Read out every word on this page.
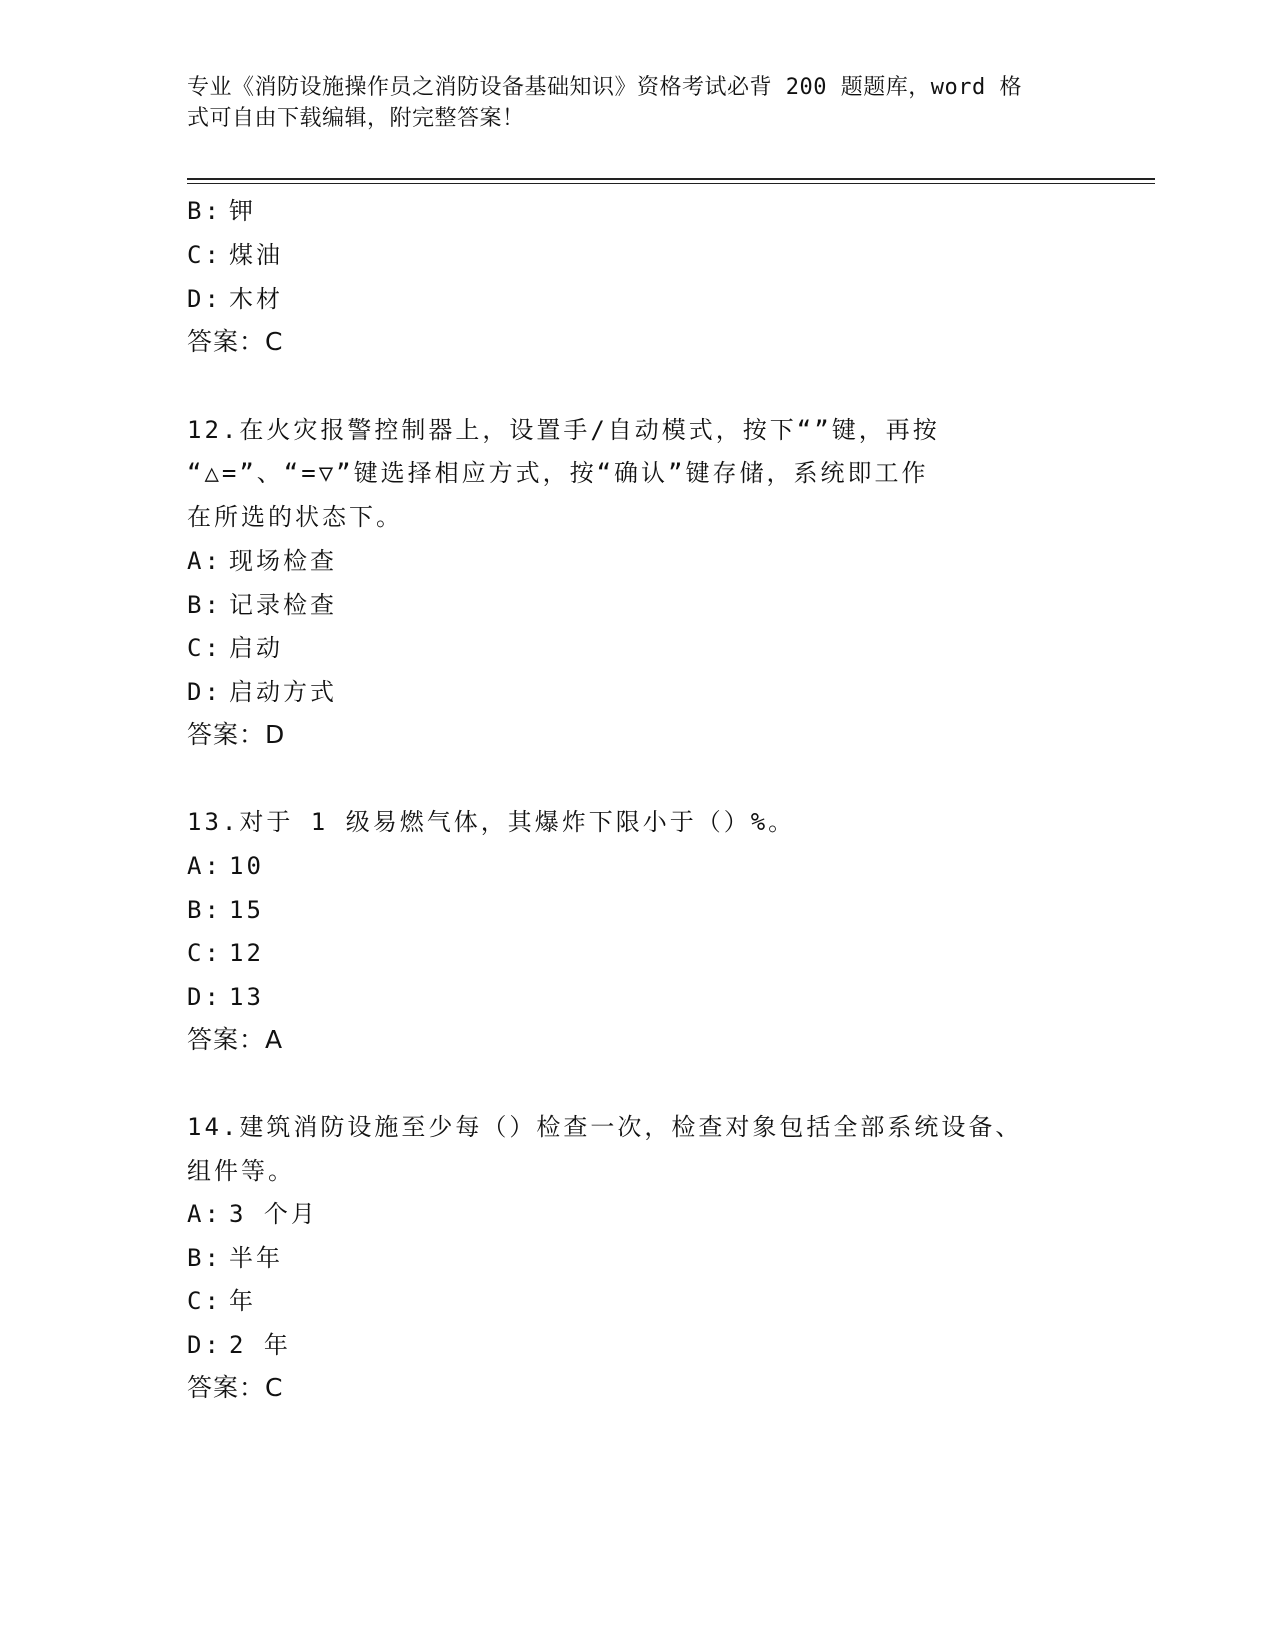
专业《消防设施操作员之消防设备基础知识》资格考试必背 200 题题库，word 格
式可自由下载编辑，附完整答案！
B: 钾
C: 煤油
D: 木材
答案：C
12.在火灾报警控制器上，设置手/自动模式，按下“”键，再按
“△=”、“=▽”键选择相应方式，按“确认”键存储，系统即工作
在所选的状态下。
A: 现场检查
B: 记录检查
C: 启动
D: 启动方式
答案：D
13.对于 1 级易燃气体，其爆炸下限小于（）%。
A: 10
B: 15
C: 12
D: 13
答案：A
14.建筑消防设施至少每（）检查一次，检查对象包括全部系统设备、
组件等。
A: 3 个月
B: 半年
C: 年
D: 2 年
答案：C
